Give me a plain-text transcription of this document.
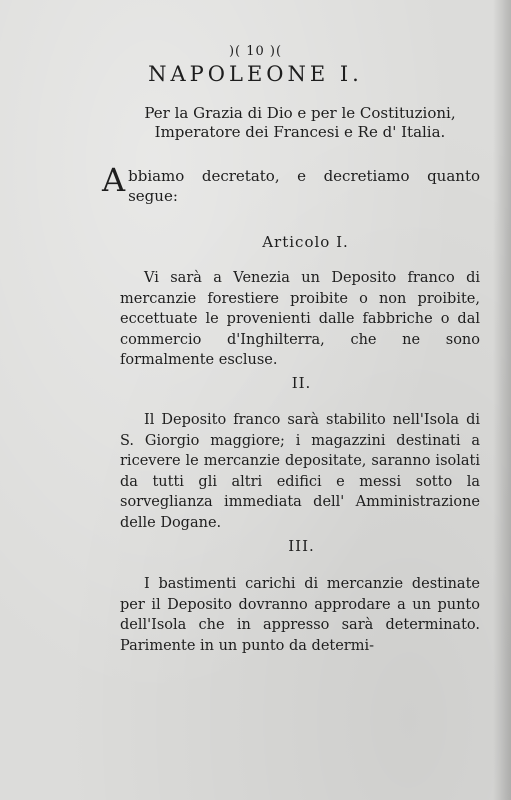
)( 10 )(
NAPOLEONE I.
Per la Grazia di Dio e per le Costituzioni,
Imperatore dei Francesi e Re d' Italia.
Abbiamo decretato, e decretiamo quanto segue:
Articolo I.
Vi sarà a Venezia un Deposito franco di mercanzie forestiere proibite o non proibite, eccettuate le provenienti dalle fabbriche o dal commercio d'Inghilterra, che ne sono formalmente escluse.
II.
Il Deposito franco sarà stabilito nell'Isola di S. Giorgio maggiore; i magazzini destinati a ricevere le mercanzie depositate, saranno isolati da tutti gli altri edifici e messi sotto la sorveglianza immediata dell' Amministrazione delle Dogane.
III.
I bastimenti carichi di mercanzie destinate per il Deposito dovranno approdare a un punto dell'Isola che in appresso sarà determinato. Parimente in un punto da determi-
